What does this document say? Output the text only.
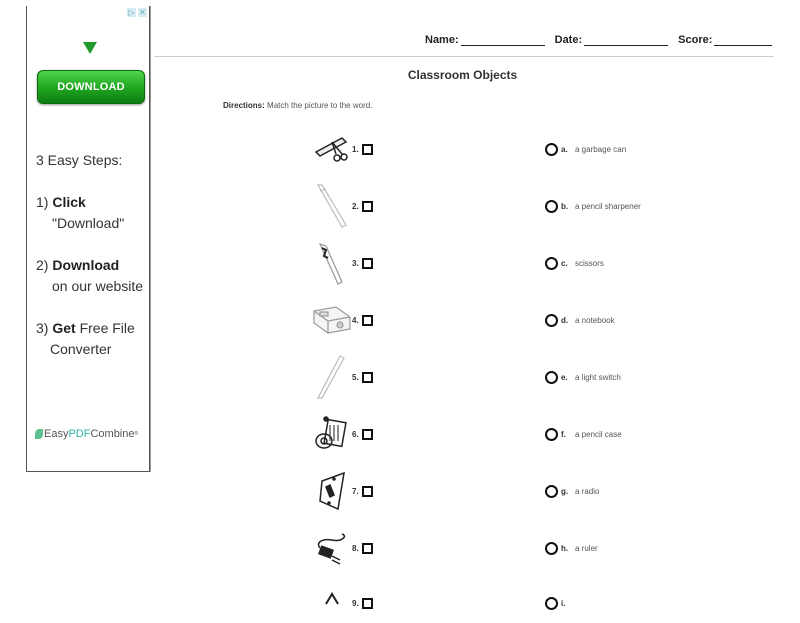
▷ ✕
DOWNLOAD
3 Easy Steps:
1) Click
"Download"
2) Download
on our website
3) Get Free File
Converter
Easy PDF Combine ®
Name:	Date:	Score:
Classroom Objects
Directions: Match the picture to the word.
1.
2.
3.
4.
5.
6.
7.
8.
9.
a. a garbage can
b. a pencil sharpener
c. scissors
d. a notebook
e. a light switch
f.	a pencil case
g. a radio
h. a ruler
i.
